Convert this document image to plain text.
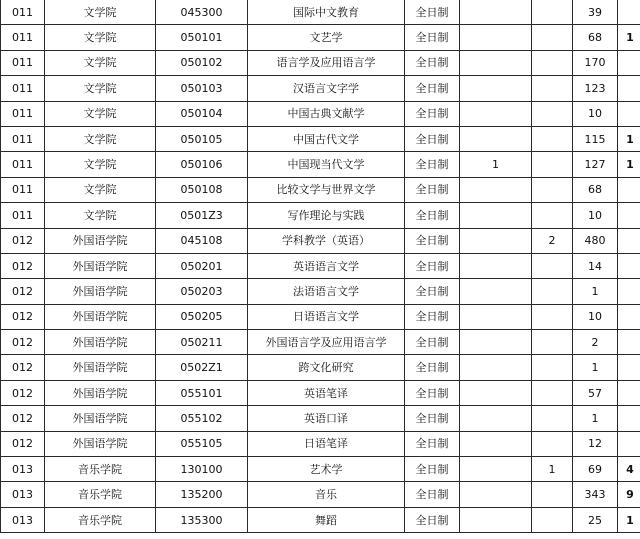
011	文学院	045300	国际中文教育	全日制			39	
011	文学院	050101	文艺学	全日制			68	1
011	文学院	050102	语言学及应用语言学	全日制			170	
011	文学院	050103	汉语言文字学	全日制			123	
011	文学院	050104	中国古典文献学	全日制			10	
011	文学院	050105	中国古代文学	全日制			115	1
011	文学院	050106	中国现当代文学	全日制	1		127	1
011	文学院	050108	比较文学与世界文学	全日制			68	
011	文学院	0501Z3	写作理论与实践	全日制			10	
012	外国语学院	045108	学科教学（英语）	全日制		2	480	
012	外国语学院	050201	英语语言文学	全日制			14	
012	外国语学院	050203	法语语言文学	全日制			1	
012	外国语学院	050205	日语语言文学	全日制			10	
012	外国语学院	050211	外国语言学及应用语言学	全日制			2	
012	外国语学院	0502Z1	跨文化研究	全日制			1	
012	外国语学院	055101	英语笔译	全日制			57	
012	外国语学院	055102	英语口译	全日制			1	
012	外国语学院	055105	日语笔译	全日制			12	
013	音乐学院	130100	艺术学	全日制		1	69	4
013	音乐学院	135200	音乐	全日制			343	9
013	音乐学院	135300	舞蹈	全日制			25	1
